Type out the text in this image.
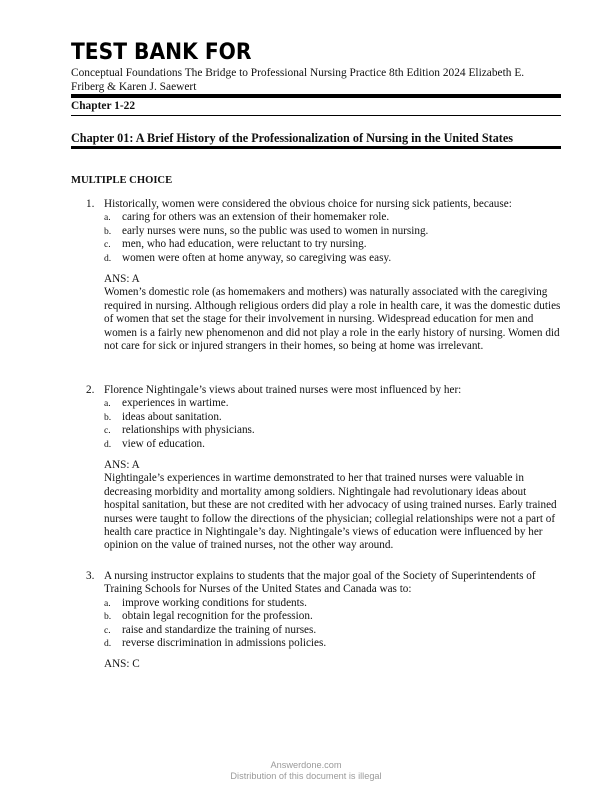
TEST BANK FOR
Conceptual Foundations The Bridge to Professional Nursing Practice 8th Edition 2024 Elizabeth E.
Friberg & Karen J. Saewert
Chapter 1-22
Chapter 01: A Brief History of the Professionalization of Nursing in the United States
MULTIPLE CHOICE
1. Historically, women were considered the obvious choice for nursing sick patients, because:
a. caring for others was an extension of their homemaker role.
b. early nurses were nuns, so the public was used to women in nursing.
c. men, who had education, were reluctant to try nursing.
d. women were often at home anyway, so caregiving was easy.
ANS: A
Women’s domestic role (as homemakers and mothers) was naturally associated with the caregiving required in nursing. Although religious orders did play a role in health care, it was the domestic duties of women that set the stage for their involvement in nursing. Widespread education for men and women is a fairly new phenomenon and did not play a role in the early history of nursing. Women did not care for sick or injured strangers in their homes, so being at home was irrelevant.
2. Florence Nightingale’s views about trained nurses were most influenced by her:
a. experiences in wartime.
b. ideas about sanitation.
c. relationships with physicians.
d. view of education.
ANS: A
Nightingale’s experiences in wartime demonstrated to her that trained nurses were valuable in decreasing morbidity and mortality among soldiers. Nightingale had revolutionary ideas about hospital sanitation, but these are not credited with her advocacy of using trained nurses. Early trained nurses were taught to follow the directions of the physician; collegial relationships were not a part of health care practice in Nightingale’s day. Nightingale’s views of education were influenced by her opinion on the value of trained nurses, not the other way around.
3. A nursing instructor explains to students that the major goal of the Society of Superintendents of Training Schools for Nurses of the United States and Canada was to:
a. improve working conditions for students.
b. obtain legal recognition for the profession.
c. raise and standardize the training of nurses.
d. reverse discrimination in admissions policies.
ANS: C
Answerdone.com
Distribution of this document is illegal
